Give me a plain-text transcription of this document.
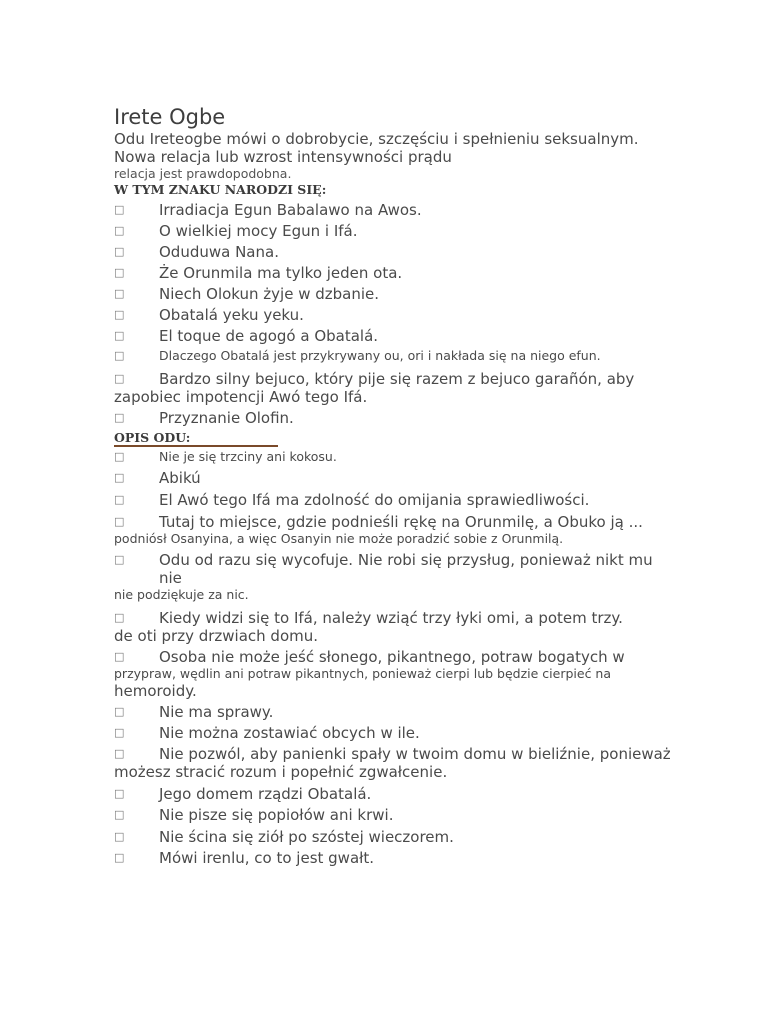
Irete Ogbe
Odu Ireteogbe mówi o dobrobycie, szczęściu i spełnieniu seksualnym.
Nowa relacja lub wzrost intensywności prądu
relacja jest prawdopodobna.
W TYM ZNAKU NARODZI SIĘ:
□	Irradiacja Egun Babalawo na Awos.
□	O wielkiej mocy Egun i Ifá.
□	Oduduwa Nana.
□	Że Orunmila ma tylko jeden ota.
□	Niech Olokun żyje w dzbanie.
□	Obatalá yeku yeku.
□	El toque de agogó a Obatalá.
□	Dlaczego Obatalá jest przykrywany ou, ori i nakłada się na niego efun.
□	Bardzo silny bejuco, który pije się razem z bejuco garañón, aby
zapobiec impotencji Awó tego Ifá.
□	Przyznanie Olofin.
OPIS ODU:
□	Nie je się trzciny ani kokosu.
□	Abikú
□	El Awó tego Ifá ma zdolność do omijania sprawiedliwości.
□	Tutaj to miejsce, gdzie podnieśli rękę na Orunmilę, a Obuko ją ...
podniósł Osanyina, a więc Osanyin nie może poradzić sobie z Orunmilą.
□	Odu od razu się wycofuje. Nie robi się przysług, ponieważ nikt mu nie
nie podziękuje za nic.
□	Kiedy widzi się to Ifá, należy wziąć trzy łyki omi, a potem trzy.
de oti przy drzwiach domu.
□	Osoba nie może jeść słonego, pikantnego, potraw bogatych w
przypraw, wędlin ani potraw pikantnych, ponieważ cierpi lub będzie cierpieć na
hemoroidy.
□	Nie ma sprawy.
□	Nie można zostawiać obcych w ile.
□	Nie pozwól, aby panienki spały w twoim domu w bieliźnie, ponieważ
możesz stracić rozum i popełnić zgwałcenie.
□	Jego domem rządzi Obatalá.
□	Nie pisze się popiołów ani krwi.
□	Nie ścina się ziół po szóstej wieczorem.
□	Mówi irenlu, co to jest gwałt.
